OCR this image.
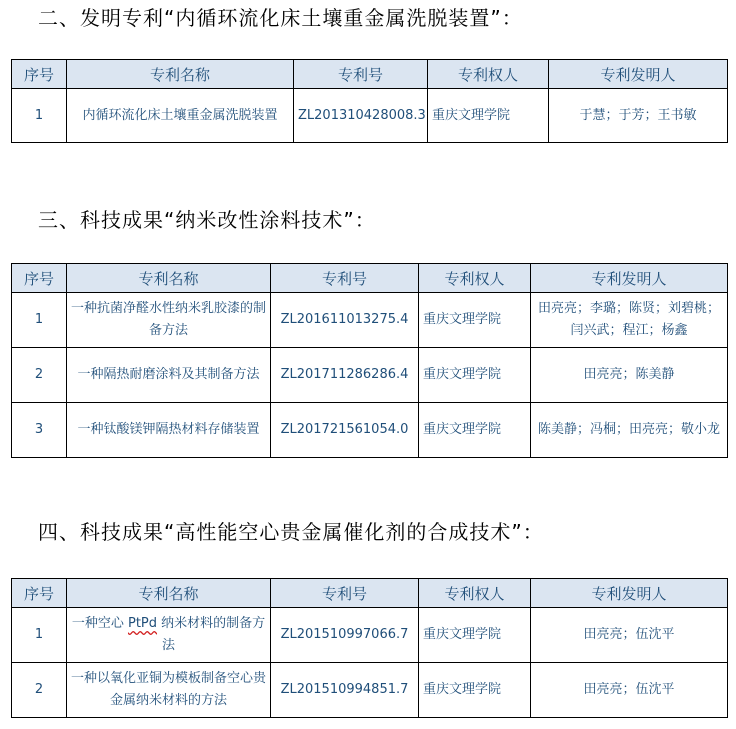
二、发明专利“内循环流化床土壤重金属洗脱装置”：
序号	专利名称	专利号	专利权人	专利发明人
1	内循环流化床土壤重金属洗脱装置	ZL201310428008.3	重庆文理学院	于慧；于芳；王书敏
三、科技成果“纳米改性涂料技术”：
序号	专利名称	专利号	专利权人	专利发明人
1	一种抗菌净醛水性纳米乳胶漆的制备方法	ZL201611013275.4	重庆文理学院	田亮亮；李璐；陈贤；刘碧桃；闫兴武；程江；杨鑫
2	一种隔热耐磨涂料及其制备方法	ZL201711286286.4	重庆文理学院	田亮亮；陈美静
3	一种钛酸镁钾隔热材料存储装置	ZL201721561054.0	重庆文理学院	陈美静；冯桐；田亮亮；敬小龙
四、科技成果“高性能空心贵金属催化剂的合成技术”：
序号	专利名称	专利号	专利权人	专利发明人
1	一种空心 PtPd 纳米材料的制备方法	ZL201510997066.7	重庆文理学院	田亮亮；伍沈平
2	一种以氧化亚铜为模板制备空心贵金属纳米材料的方法	ZL201510994851.7	重庆文理学院	田亮亮；伍沈平
